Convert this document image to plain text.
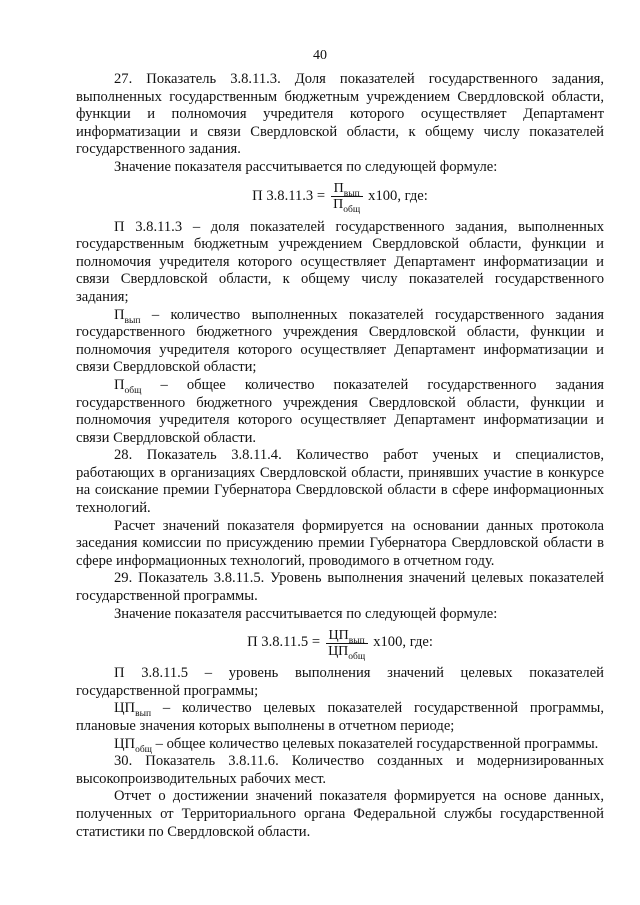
40

27. Показатель 3.8.11.3. Доля показателей государственного задания, выполненных государственным бюджетным учреждением Свердловской области, функции и полномочия учредителя которого осуществляет Департамент информатизации и связи Свердловской области, к общему числу показателей государственного задания.

Значение показателя рассчитывается по следующей формуле:

П $3.8.11.3 = \frac{П_{вып}}{П_{общ}} х100$, где:

П 3.8.11.3 – доля показателей государственного задания, выполненных государственным бюджетным учреждением Свердловской области, функции и полномочия учредителя которого осуществляет Департамент информатизации и связи Свердловской области, к общему числу показателей государственного задания;

$П_{вып}$ – количество выполненных показателей государственного задания государственного бюджетного учреждения Свердловской области, функции и полномочия учредителя которого осуществляет Департамент информатизации и связи Свердловской области;

$П_{общ}$ – общее количество показателей государственного задания государственного бюджетного учреждения Свердловской области, функции и полномочия учредителя которого осуществляет Департамент информатизации и связи Свердловской области.

28. Показатель 3.8.11.4. Количество работ ученых и специалистов, работающих в организациях Свердловской области, принявших участие в конкурсе на соискание премии Губернатора Свердловской области в сфере информационных технологий.

Расчет значений показателя формируется на основании данных протокола заседания комиссии по присуждению премии Губернатора Свердловской области в сфере информационных технологий, проводимого в отчетном году.

29. Показатель 3.8.11.5. Уровень выполнения значений целевых показателей государственной программы.

Значение показателя рассчитывается по следующей формуле:

П $3.8.11.5 = \frac{ЦП_{вып}}{ЦП_{общ}} х100$, где:

П 3.8.11.5 – уровень выполнения значений целевых показателей государственной программы;

$ЦП_{вып}$ – количество целевых показателей государственной программы, плановые значения которых выполнены в отчетном периоде;

$ЦП_{общ}$ – общее количество целевых показателей государственной программы.

30. Показатель 3.8.11.6. Количество созданных и модернизированных высокопроизводительных рабочих мест.

Отчет о достижении значений показателя формируется на основе данных, полученных от Территориального органа Федеральной службы государственной статистики по Свердловской области.
